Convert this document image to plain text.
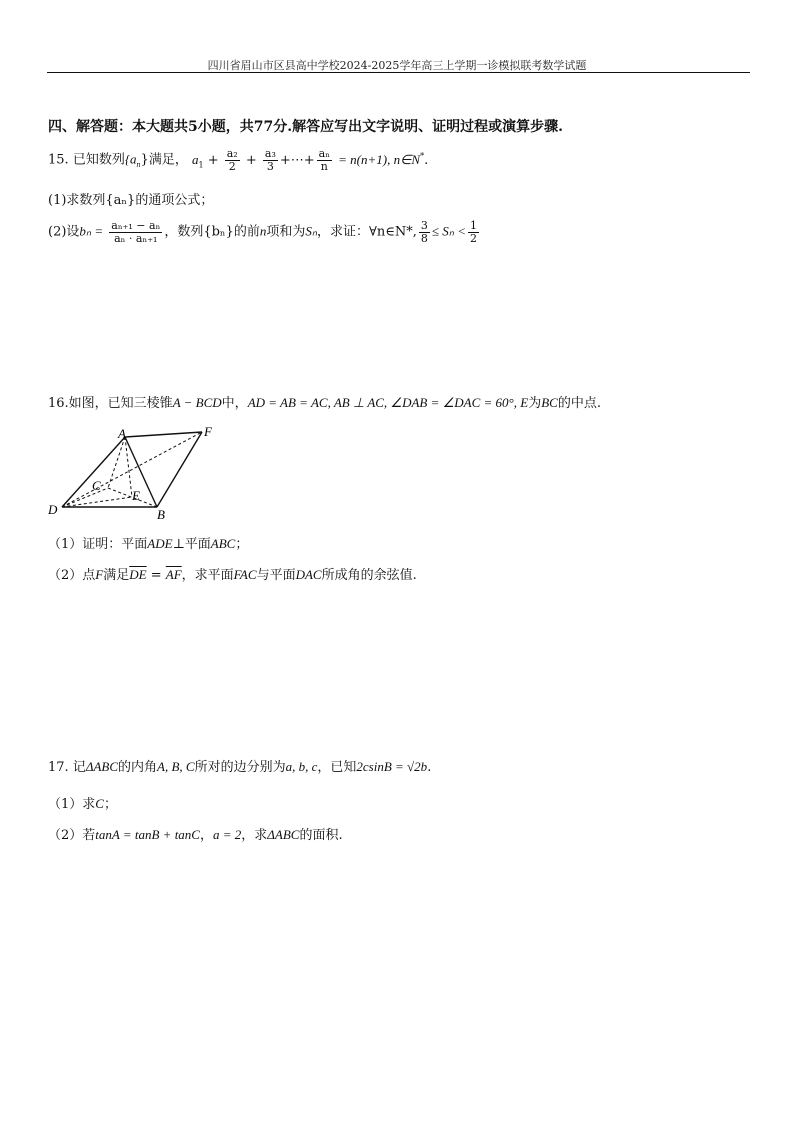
四川省眉山市区县高中学校2024-2025学年高三上学期一诊模拟联考数学试题
四、解答题：本大题共5小题，共77分.解答应写出文字说明、证明过程或演算步骤.
15. 已知数列$\{a_n\}$满足， $a_1 + \frac{\text{a₂}}{2} + \frac{\text{a₃}}{3}$ +⋯+ $\frac{\text{aₙ}}{n} = n(n+1)$, n∈N*.
(1)求数列{aₙ}的通项公式；
(2)设$b_n = \frac{\text{aₙ₊₁ − aₙ}}{\text{aₙ · aₙ₊₁}}$ ，数列{bₙ}的前n项和为Sₙ，求证：∀n∈N*, $\frac{3}{8} \le S_n < \frac{1}{2}$
16.如图，已知三棱锥A − BCD中，AD = AB = AC, AB ⊥ AC, ∠DAB = ∠DAC = 60°, E为BC的中点.
A	F
C
E
D	B
（1）证明：平面ADE⊥平面ABC；
（2）点F满足$\overline{DE} = \overline{AF}$，求平面FAC与平面DAC所成角的余弦值.
17. 记ΔABC的内角A, B, C所对的边分别为a, b, c，已知2csinB = √2b.
（1）求C；
（2）若tanA = tanB + tanC，a = 2，求ΔABC的面积.
